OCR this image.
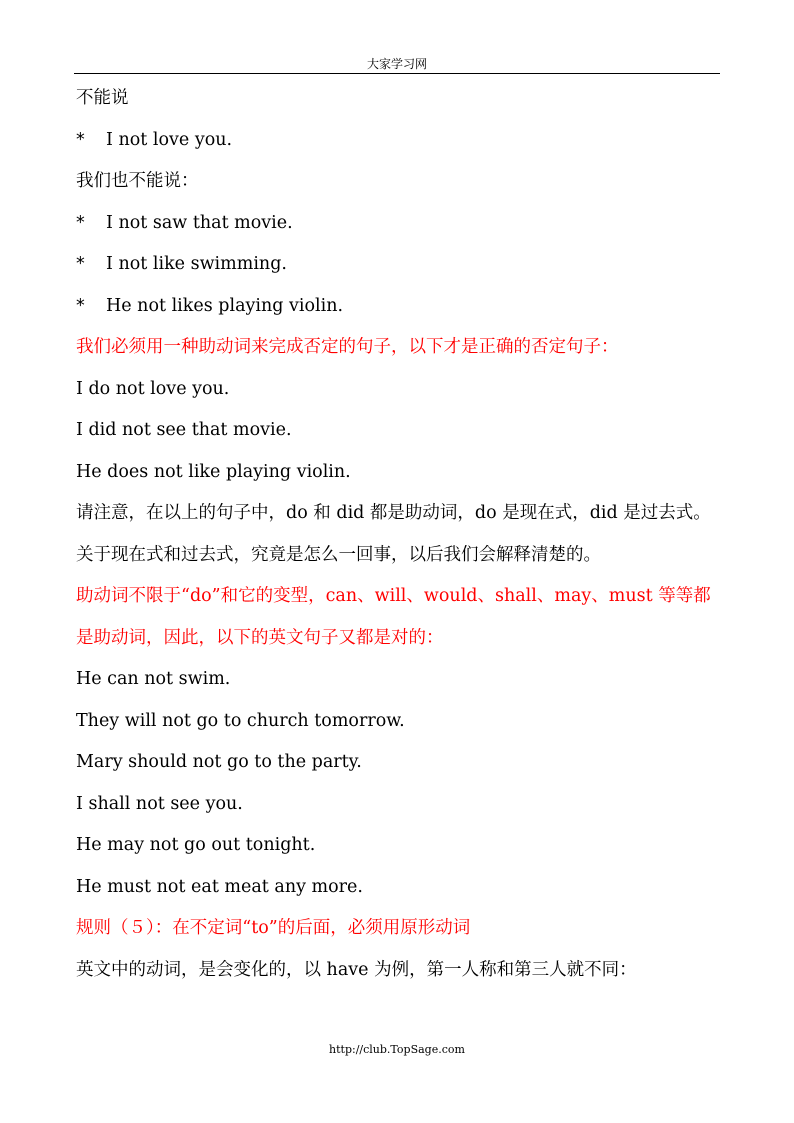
大家学习网
不能说
* I not love you.
我们也不能说：
* I not saw that movie.
* I not like swimming.
* He not likes playing violin.
我们必须用一种助动词来完成否定的句子，以下才是正确的否定句子：
I do not love you.
I did not see that movie.
He does not like playing violin.
请注意，在以上的句子中，do 和 did 都是助动词，do 是现在式，did 是过去式。
关于现在式和过去式，究竟是怎么一回事，以后我们会解释清楚的。
助动词不限于“do”和它的变型，can、will、would、shall、may、must 等等都是助动词，因此，以下的英文句子又都是对的：
He can not swim.
They will not go to church tomorrow.
Mary should not go to the party.
I shall not see you.
He may not go out tonight.
He must not eat meat any more.
规则（５）：在不定词“to”的后面，必须用原形动词
英文中的动词，是会变化的，以 have 为例，第一人称和第三人就不同：
http://club.TopSage.com
